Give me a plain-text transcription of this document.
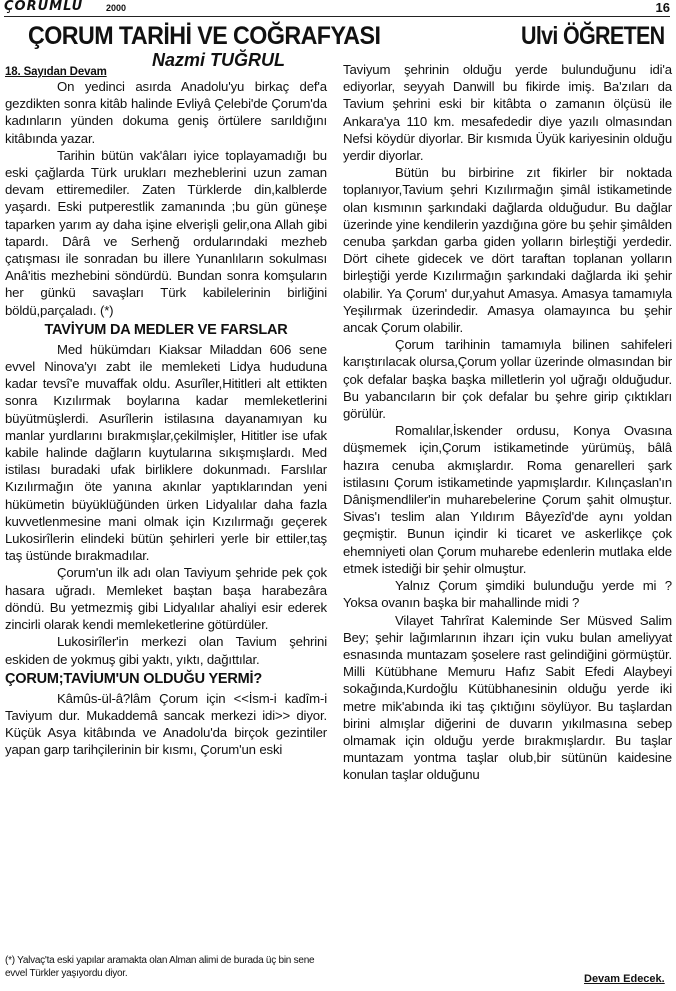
ÇORUMLU	2000	16
ÇORUM TARİHİ VE COĞRAFYASI	Ulvi ÖĞRETEN
Nazmi TUĞRUL
18. Sayıdan Devam

On yedinci asırda Anadolu'yu birkaç def'a gezdikten sonra kitâb halinde Evliyâ Çelebi'de Çorum'da kadınların yünden dokuma geniş örtülere sarıldığını kitâbında yazar.

Tarihin bütün vak'âları iyice toplayamadığı bu eski çağlarda Türk urukları mezheblerini uzun zaman devam ettiremediler. Zaten Türklerde din,kalblerde yaşardı. Eski putperestlik zamanında ;bu gün güneşe taparken yarım ay daha işine elverişli gelir,ona Allah gibi tapardı. Dârâ ve Serhenğ ordularındaki mezheb çatışması ile sonradan bu illere Yunanlıların sokulması Anâ'itis mezhebini söndürdü. Bundan sonra komşuların her günkü savaşları Türk kabilelerinin birliğini böldü,parçaladı. (*)

TAVİYUM DA MEDLER VE FARSLAR

Med hükümdarı Kiaksar Miladdan 606 sene evvel Ninova'yı zabt ile memleketi Lidya hududuna kadar tevsî'e muvaffak oldu. Asurîler,Hititleri alt ettikten sonra Kızılırmak boylarına kadar memleketlerini büyütmüşlerdi. Asurîlerin istilasına dayanamıyan ku manlar yurdlarını bırakmışlar,çekilmişler, Hititler ise ufak kabile halinde dağların kuytularına sıkışmışlardı. Med istilası buradaki ufak birliklere dokunmadı. Farslılar Kızılırmağın öte yanına akınlar yaptıklarından yeni hükümetin büyüklüğünden ürken Lidyalılar daha fazla kuvvetlenmesine mani olmak için Kızılırmağı geçerek Lukosirîlerin elindeki bütün şehirleri yerle bir ettiler,taş taş üstünde bırakmadılar.

Çorum'un ilk adı olan Taviyum şehride pek çok hasara uğradı. Memleket baştan başa harabezâra döndü. Bu yetmezmiş gibi Lidyalılar ahaliyi esir ederek zincirli olarak kendi memleketlerine götürdüler.

Lukosirîler'in merkezi olan Tavium şehrini eskiden de yokmuş gibi yaktı, yıktı, dağıttılar.

ÇORUM;TAVİUM'UN OLDUĞU YERMİ?

Kâmûs-ül-â?lâm Çorum için <<İsm-i kadîm-i Taviyum dur. Mukaddemâ sancak merkezi idi>> diyor. Küçük Asya kitâbında ve Anadolu'da birçok gezintiler yapan garp tarihçilerinin bir kısmı, Çorum'un eski

(*) Yalvaç'ta eski yapılar aramakta olan Alman alimi de burada üç bin sene evvel Türkler yaşıyordu diyor.

Taviyum şehrinin olduğu yerde bulunduğunu idi'a ediyorlar, seyyah Danwill bu fikirde imiş. Ba'zıları da Tavium şehrini eski bir kitâbta o zamanın ölçüsü ile Ankara'ya 110 km. mesafededir diye yazılı olmasından Nefsi köydür diyorlar. Bir kısmıda Üyük kariyesinin olduğu yerdir diyorlar.

Bütün bu birbirine zıt fikirler bir noktada toplanıyor,Tavium şehri Kızılırmağın şimâl istikametinde olan kısmının şarkındaki dağlarda olduğudur. Bu dağlar üzerinde yine kendilerin yazdığına göre bu şehir şimâlden cenuba şarkdan garba giden yolların birleştiği yerdedir. Dört cihete gidecek ve dört taraftan toplanan yolların birleştiği yerde Kızılırmağın şarkındaki dağlarda iki şehir olabilir. Ya Çorum' dur,yahut Amasya. Amasya tamamıyla Yeşilırmak üzerindedir. Amasya olamayınca bu şehir ancak Çorum olabilir.

Çorum tarihinin tamamıyla bilinen sahifeleri karıştırılacak olursa,Çorum yollar üzerinde olmasından bir çok defalar başka başka milletlerin yol uğrağı olduğudur. Bu yabancıların bir çok defalar bu şehre girip çıktıkları görülür.

Romalılar,İskender ordusu, Konya Ovasına düşmemek için,Çorum istikametinde yürümüş, bâlâ hazıra cenuba akmışlardır. Roma genarelleri şark istilasını Çorum istikametinde yapmışlardır. Kılınçaslan'ın Dânişmendliler'in muharebelerine Çorum şahit olmuştur. Sivas'ı teslim alan Yıldırım Bâyezîd'de aynı yoldan geçmiştir. Bunun içindir ki ticaret ve askerlikçe çok ehemniyeti olan Çorum muharebe edenlerin mutlaka elde etmek istediği bir şehir olmuştur.

Yalnız Çorum şimdiki bulunduğu yerde mi ? Yoksa ovanın başka bir mahallinde midi ?

Vilayet Tahrîrat Kaleminde Ser Müsved Salim Bey; şehir lağımlarının ihzarı için vuku bulan ameliyyat esnasında muntazam şoselere rast gelindiğini görmüştür. Milli Kütübhane Memuru Hafız Sabit Efedi Alaybeyi sokağında,Kurdoğlu Kütübhanesinin olduğu yerde iki metre mik'abında iki taş çıktığını söylüyor. Bu taşlardan birini almışlar diğerini de duvarın yıkılmasına sebep olmamak için olduğu yerde bırakmışlardır. Bu taşlar muntazam yontma taşlar olub,bir sütünün kaidesine konulan taşlar olduğunu

Devam Edecek.
